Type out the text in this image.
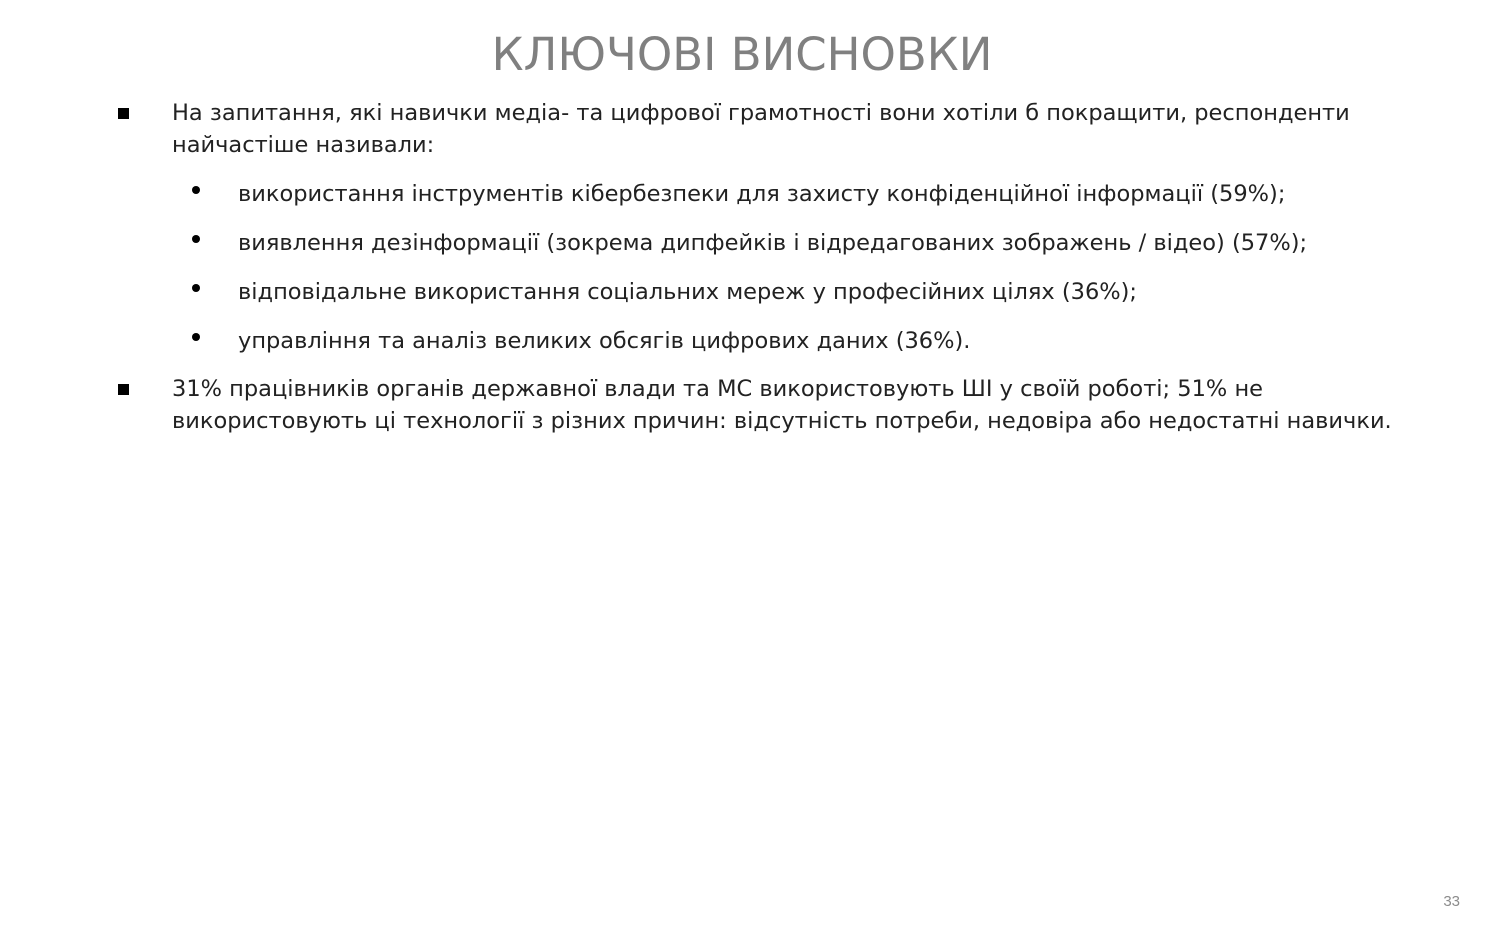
КЛЮЧОВІ ВИСНОВКИ

На запитання, які навички медіа- та цифрової грамотності вони хотіли б покращити, респонденти найчастіше називали:

використання інструментів кібербезпеки для захисту конфіденційної інформації (59%);

виявлення дезінформації (зокрема дипфейків і відредагованих зображень / відео) (57%);

відповідальне використання соціальних мереж у професійних цілях (36%);

управління та аналіз великих обсягів цифрових даних (36%).

31% працівників органів державної влади та МС використовують ШІ у своїй роботі; 51% не використовують ці технології з різних причин: відсутність потреби, недовіра або недостатні навички.

33
